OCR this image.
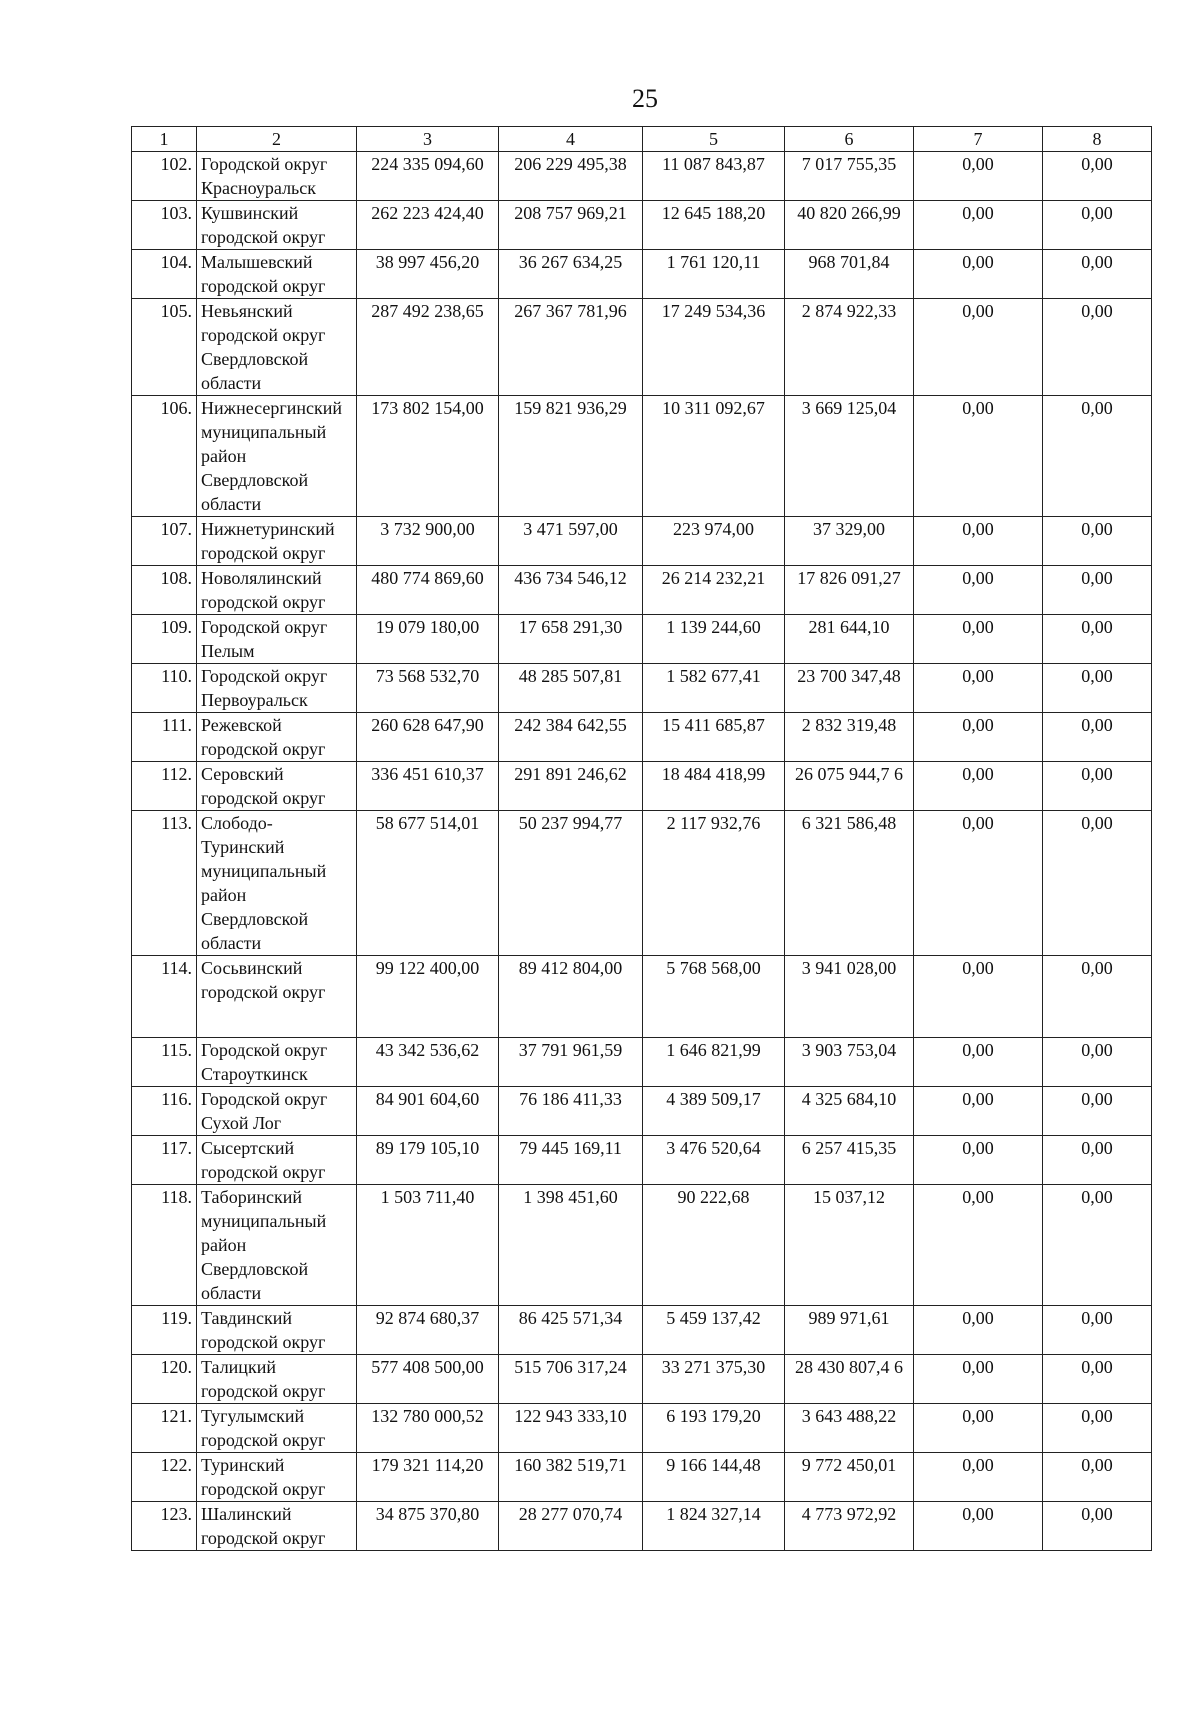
25
1	2	3	4	5	6	7	8
102.	Городской округ Красноуральск	224 335 094,60	206 229 495,38	11 087 843,87	7 017 755,35	0,00	0,00
103.	Кушвинский городской округ	262 223 424,40	208 757 969,21	12 645 188,20	40 820 266,99	0,00	0,00
104.	Малышевский городской округ	38 997 456,20	36 267 634,25	1 761 120,11	968 701,84	0,00	0,00
105.	Невьянский городской округ Свердловской области	287 492 238,65	267 367 781,96	17 249 534,36	2 874 922,33	0,00	0,00
106.	Нижнесергинский муниципальный район Свердловской области	173 802 154,00	159 821 936,29	10 311 092,67	3 669 125,04	0,00	0,00
107.	Нижнетуринский городской округ	3 732 900,00	3 471 597,00	223 974,00	37 329,00	0,00	0,00
108.	Новолялинский городской округ	480 774 869,60	436 734 546,12	26 214 232,21	17 826 091,27	0,00	0,00
109.	Городской округ Пелым	19 079 180,00	17 658 291,30	1 139 244,60	281 644,10	0,00	0,00
110.	Городской округ Первоуральск	73 568 532,70	48 285 507,81	1 582 677,41	23 700 347,48	0,00	0,00
111.	Режевской городской округ	260 628 647,90	242 384 642,55	15 411 685,87	2 832 319,48	0,00	0,00
112.	Серовский городской округ	336 451 610,37	291 891 246,62	18 484 418,99	26 075 944,7 6	0,00	0,00
113.	Слободо- Туринский муниципальный район Свердловской области	58 677 514,01	50 237 994,77	2 117 932,76	6 321 586,48	0,00	0,00
114.	Сосьвинский городской округ	99 122 400,00	89 412 804,00	5 768 568,00	3 941 028,00	0,00	0,00
115.	Городской округ Староуткинск	43 342 536,62	37 791 961,59	1 646 821,99	3 903 753,04	0,00	0,00
116.	Городской округ Сухой Лог	84 901 604,60	76 186 411,33	4 389 509,17	4 325 684,10	0,00	0,00
117.	Сысертский городской округ	89 179 105,10	79 445 169,11	3 476 520,64	6 257 415,35	0,00	0,00
118.	Таборинский муниципальный район Свердловской области	1 503 711,40	1 398 451,60	90 222,68	15 037,12	0,00	0,00
119.	Тавдинский городской округ	92 874 680,37	86 425 571,34	5 459 137,42	989 971,61	0,00	0,00
120.	Талицкий городской округ	577 408 500,00	515 706 317,24	33 271 375,30	28 430 807,4 6	0,00	0,00
121.	Тугулымский городской округ	132 780 000,52	122 943 333,10	6 193 179,20	3 643 488,22	0,00	0,00
122.	Туринский городской округ	179 321 114,20	160 382 519,71	9 166 144,48	9 772 450,01	0,00	0,00
123.	Шалинский городской округ	34 875 370,80	28 277 070,74	1 824 327,14	4 773 972,92	0,00	0,00
